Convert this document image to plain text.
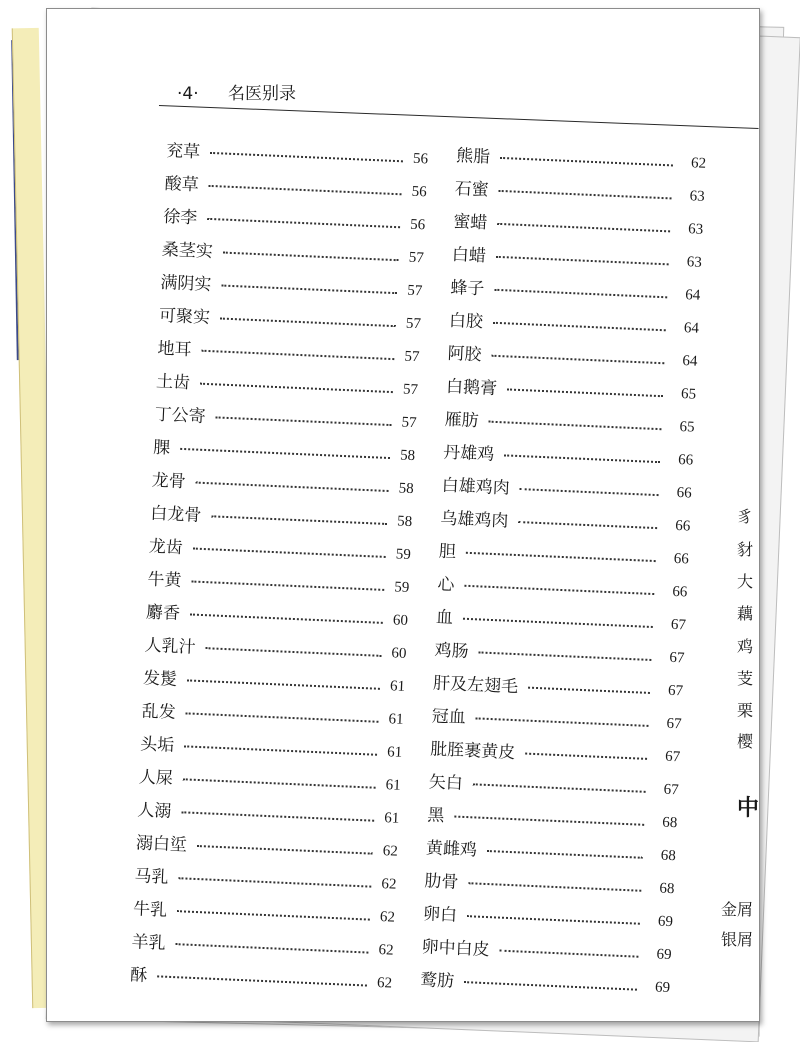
豸
豺
大
藕
鸡
芰
栗
樱
中
金屑
银屑
·4· 名医别录
兖草	56
酸草	56
徐李	56
桑茎实	57
满阴实	57
可聚实	57
地耳	57
土齿	57
丁公寄	57
腂	58
龙骨	58
白龙骨	58
龙齿	59
牛黄	59
麝香	60
人乳汁	60
发髲	61
乱发	61
头垢	61
人屎	61
人溺	61
溺白垽	62
马乳	62
牛乳	62
羊乳	62
酥	62
熊脂	62
石蜜	63
蜜蜡	63
白蜡	63
蜂子	64
白胶	64
阿胶	64
白鹅膏	65
雁肪	65
丹雄鸡	66
白雄鸡肉	66
乌雄鸡肉	66
胆	66
心	66
血	67
鸡肠	67
肝及左翅毛	67
冠血	67
肶胵裹黄皮	67
矢白	67
黑	68
黄雌鸡	68
肋骨	68
卵白	69
卵中白皮	69
鹜肪	69
